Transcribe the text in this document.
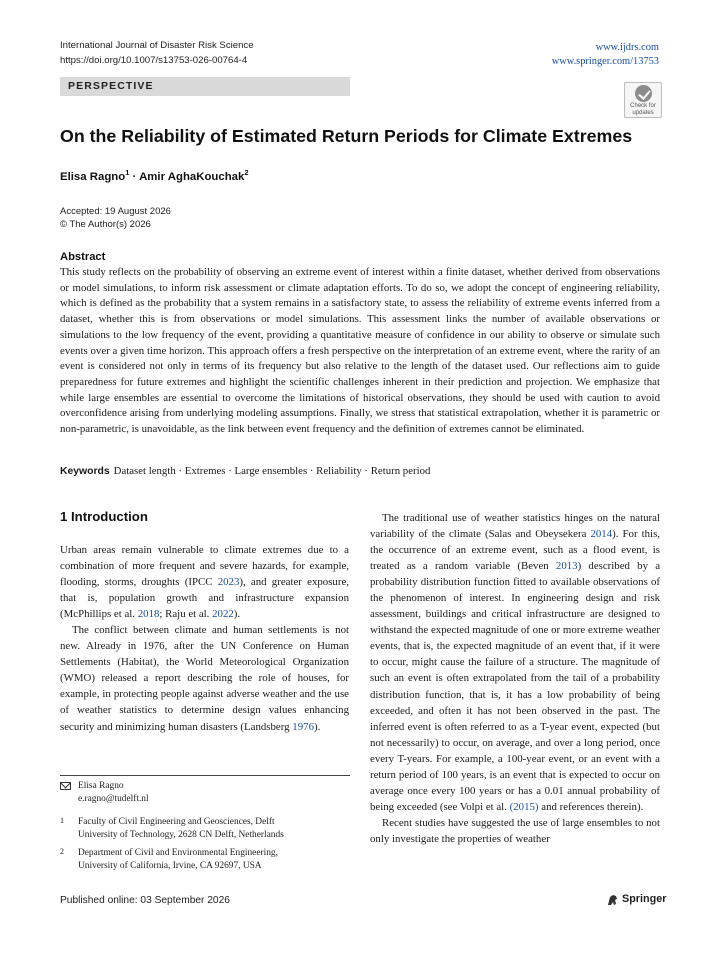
International Journal of Disaster Risk Science
https://doi.org/10.1007/s13753-026-00764-4
www.ijdrs.com
www.springer.com/13753
PERSPECTIVE
Check for updates
On the Reliability of Estimated Return Periods for Climate Extremes
Elisa Ragno$^1$ · Amir AghaKouchak$^2$
Accepted: 19 August 2026
© The Author(s) 2026
Abstract
This study reflects on the probability of observing an extreme event of interest within a finite dataset, whether derived from observations or model simulations, to inform risk assessment or climate adaptation efforts. To do so, we adopt the concept of engineering reliability, which is defined as the probability that a system remains in a satisfactory state, to assess the reliability of extreme events inferred from a dataset, whether this is from observations or model simulations. This assessment links the number of available observations or simulations to the low frequency of the event, providing a quantitative measure of confidence in our ability to observe or simulate such events over a given time horizon. This approach offers a fresh perspective on the interpretation of an extreme event, where the rarity of an event is considered not only in terms of its frequency but also relative to the length of the dataset used. Our reflections aim to guide preparedness for future extremes and highlight the scientific challenges inherent in their prediction and projection. We emphasize that while large ensembles are essential to overcome the limitations of historical observations, they should be used with caution to avoid overconfidence arising from underlying modeling assumptions. Finally, we stress that statistical extrapolation, whether it is parametric or non-parametric, is unavoidable, as the link between event frequency and the definition of extremes cannot be eliminated.
Keywords Dataset length · Extremes · Large ensembles · Reliability · Return period
1 Introduction

Urban areas remain vulnerable to climate extremes due to a combination of more frequent and severe hazards, for example, flooding, storms, droughts (IPCC 2023), and greater exposure, that is, population growth and infrastructure expansion (McPhillips et al. 2018; Raju et al. 2022).

The conflict between climate and human settlements is not new. Already in 1976, after the UN Conference on Human Settlements (Habitat), the World Meteorological Organization (WMO) released a report describing the role of houses, for example, in protecting people against adverse weather and the use of weather statistics to determine design values enhancing security and minimizing human disasters (Landsberg 1976).

The traditional use of weather statistics hinges on the natural variability of the climate (Salas and Obeysekera 2014). For this, the occurrence of an extreme event, such as a flood event, is treated as a random variable (Beven 2013) described by a probability distribution function fitted to available observations of the phenomenon of interest. In engineering design and risk assessment, buildings and critical infrastructure are designed to withstand the expected magnitude of one or more extreme weather events, that is, the expected magnitude of an event that, if it were to occur, might cause the failure of a structure. The magnitude of such an event is often extrapolated from the tail of a probability distribution function, that is, it has a low probability of being exceeded, and often it has not been observed in the past. The inferred event is often referred to as a T-year event, expected (but not necessarily) to occur, on average, and over a long period, once every T-years. For example, a 100-year event, or an event with a return period of 100 years, is an event that is expected to occur on average once every 100 years or has a 0.01 annual probability of being exceeded (see Volpi et al. (2015) and references therein).

Recent studies have suggested the use of large ensembles to not only investigate the properties of weather

Elisa Ragno
e.ragno@tudelft.nl
1 Faculty of Civil Engineering and Geosciences, Delft University of Technology, 2628 CN Delft, Netherlands
2 Department of Civil and Environmental Engineering, University of California, Irvine, CA 92697, USA
Published online: 03 September 2026	Springer
